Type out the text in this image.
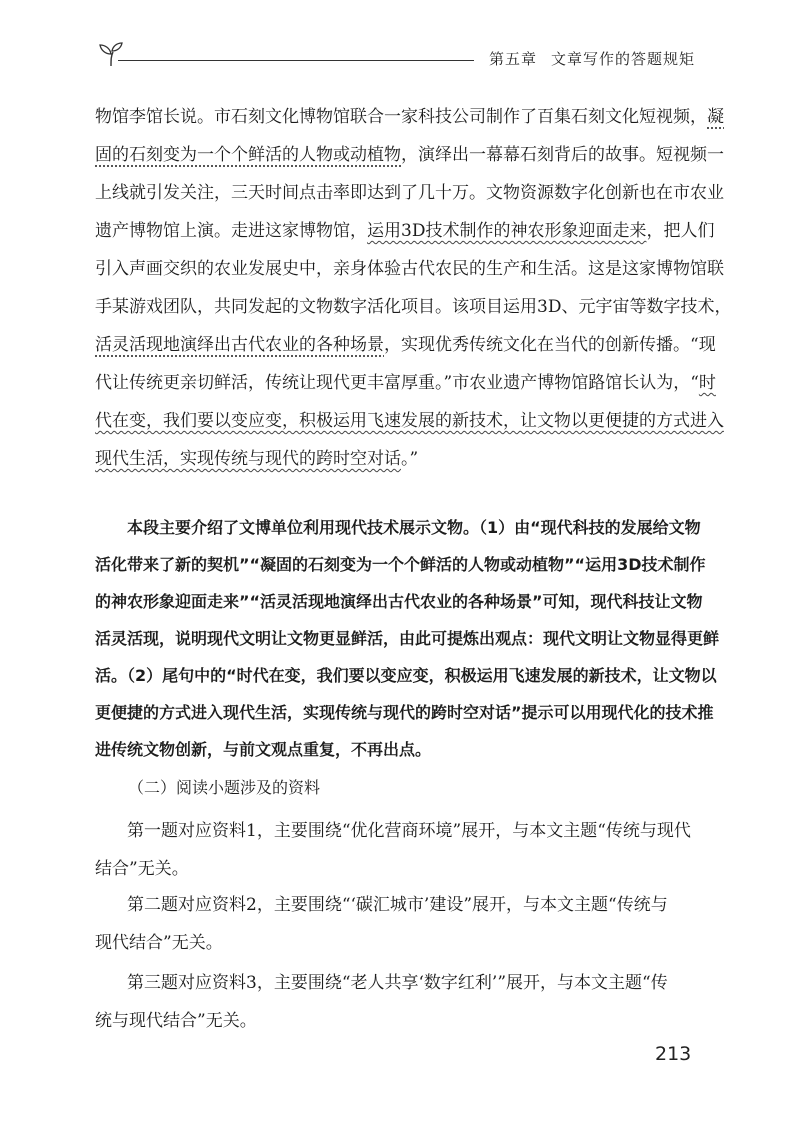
第五章 文章写作的答题规矩
物馆李馆长说。市石刻文化博物馆联合一家科技公司制作了百集石刻文化短视频，凝
固的石刻变为一个个鲜活的人物或动植物，演绎出一幕幕石刻背后的故事。短视频一
上线就引发关注，三天时间点击率即达到了几十万。文物资源数字化创新也在市农业
遗产博物馆上演。走进这家博物馆，运用3D技术制作的神农形象迎面走来，把人们
引入声画交织的农业发展史中，亲身体验古代农民的生产和生活。这是这家博物馆联
手某游戏团队，共同发起的文物数字活化项目。该项目运用3D、元宇宙等数字技术，
活灵活现地演绎出古代农业的各种场景，实现优秀传统文化在当代的创新传播。“现
代让传统更亲切鲜活，传统让现代更丰富厚重。”市农业遗产博物馆路馆长认为，“时
代在变，我们要以变应变，积极运用飞速发展的新技术，让文物以更便捷的方式进入
现代生活，实现传统与现代的跨时空对话。”
本段主要介绍了文博单位利用现代技术展示文物。（1）由“现代科技的发展给文物
活化带来了新的契机”“凝固的石刻变为一个个鲜活的人物或动植物”“运用3D技术制作
的神农形象迎面走来”“活灵活现地演绎出古代农业的各种场景”可知，现代科技让文物
活灵活现，说明现代文明让文物更显鲜活，由此可提炼出观点：现代文明让文物显得更鲜
活。（2）尾句中的“时代在变，我们要以变应变，积极运用飞速发展的新技术，让文物以
更便捷的方式进入现代生活，实现传统与现代的跨时空对话”提示可以用现代化的技术推
进传统文物创新，与前文观点重复，不再出点。
（二）阅读小题涉及的资料
第一题对应资料1，主要围绕“优化营商环境”展开，与本文主题“传统与现代
结合”无关。
第二题对应资料2，主要围绕“‘碳汇城市’建设”展开，与本文主题“传统与
现代结合”无关。
第三题对应资料3，主要围绕“老人共享‘数字红利’”展开，与本文主题“传
统与现代结合”无关。
213
